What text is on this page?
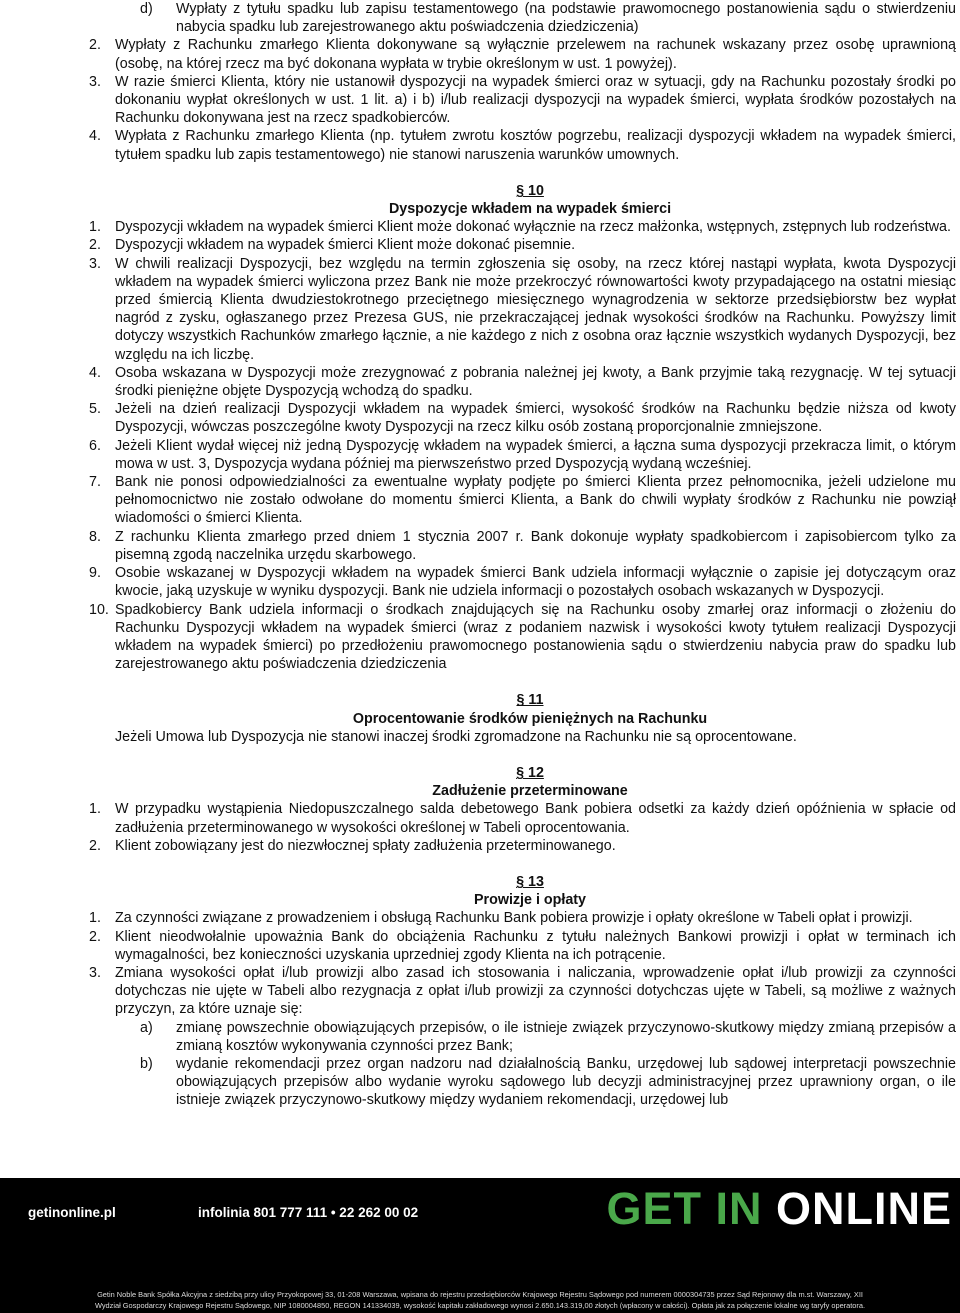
d) Wypłaty z tytułu spadku lub zapisu testamentowego (na podstawie prawomocnego postanowienia sądu o stwierdzeniu nabycia spadku lub zarejestrowanego aktu poświadczenia dziedziczenia)
2. Wypłaty z Rachunku zmarłego Klienta dokonywane są wyłącznie przelewem na rachunek wskazany przez osobę uprawnioną (osobę, na której rzecz ma być dokonana wypłata w trybie określonym w ust. 1 powyżej).
3. W razie śmierci Klienta, który nie ustanowił dyspozycji na wypadek śmierci oraz w sytuacji, gdy na Rachunku pozostały środki po dokonaniu wypłat określonych w ust. 1 lit. a) i b) i/lub realizacji dyspozycji na wypadek śmierci, wypłata środków pozostałych na Rachunku dokonywana jest na rzecz spadkobierców.
4. Wypłata z Rachunku zmarłego Klienta (np. tytułem zwrotu kosztów pogrzebu, realizacji dyspozycji wkładem na wypadek śmierci, tytułem spadku lub zapis testamentowego) nie stanowi naruszenia warunków umownych.
§ 10
Dyspozycje wkładem na wypadek śmierci
1. Dyspozycji wkładem na wypadek śmierci Klient może dokonać wyłącznie na rzecz małżonka, wstępnych, zstępnych lub rodzeństwa.
2. Dyspozycji wkładem na wypadek śmierci Klient może dokonać pisemnie.
3. W chwili realizacji Dyspozycji, bez względu na termin zgłoszenia się osoby, na rzecz której nastąpi wypłata, kwota Dyspozycji wkładem na wypadek śmierci wyliczona przez Bank nie może przekroczyć równowartości kwoty przypadającego na ostatni miesiąc przed śmiercią Klienta dwudziestokrotnego przeciętnego miesięcznego wynagrodzenia w sektorze przedsiębiorstw bez wypłat nagród z zysku, ogłaszanego przez Prezesa GUS, nie przekraczającej jednak wysokości środków na Rachunku. Powyższy limit dotyczy wszystkich Rachunków zmarłego łącznie, a nie każdego z nich z osobna oraz łącznie wszystkich wydanych Dyspozycji, bez względu na ich liczbę.
4. Osoba wskazana w Dyspozycji może zrezygnować z pobrania należnej jej kwoty, a Bank przyjmie taką rezygnację. W tej sytuacji środki pieniężne objęte Dyspozycją wchodzą do spadku.
5. Jeżeli na dzień realizacji Dyspozycji wkładem na wypadek śmierci, wysokość środków na Rachunku będzie niższa od kwoty Dyspozycji, wówczas poszczególne kwoty Dyspozycji na rzecz kilku osób zostaną proporcjonalnie zmniejszone.
6. Jeżeli Klient wydał więcej niż jedną Dyspozycję wkładem na wypadek śmierci, a łączna suma dyspozycji przekracza limit, o którym mowa w ust. 3, Dyspozycja wydana później ma pierwszeństwo przed Dyspozycją wydaną wcześniej.
7. Bank nie ponosi odpowiedzialności za ewentualne wypłaty podjęte po śmierci Klienta przez pełnomocnika, jeżeli udzielone mu pełnomocnictwo nie zostało odwołane do momentu śmierci Klienta, a Bank do chwili wypłaty środków z Rachunku nie powziął wiadomości o śmierci Klienta.
8. Z rachunku Klienta zmarłego przed dniem 1 stycznia 2007 r. Bank dokonuje wypłaty spadkobiercom i zapisobiercom tylko za pisemną zgodą naczelnika urzędu skarbowego.
9. Osobie wskazanej w Dyspozycji wkładem na wypadek śmierci Bank udziela informacji wyłącznie o zapisie jej dotyczącym oraz kwocie, jaką uzyskuje w wyniku dyspozycji. Bank nie udziela informacji o pozostałych osobach wskazanych w Dyspozycji.
10. Spadkobiercy Bank udziela informacji o środkach znajdujących się na Rachunku osoby zmarłej oraz informacji o złożeniu do Rachunku Dyspozycji wkładem na wypadek śmierci (wraz z podaniem nazwisk i wysokości kwoty tytułem realizacji Dyspozycji wkładem na wypadek śmierci) po przedłożeniu prawomocnego postanowienia sądu o stwierdzeniu nabycia praw do spadku lub zarejestrowanego aktu poświadczenia dziedziczenia
§ 11
Oprocentowanie środków pieniężnych na Rachunku
Jeżeli Umowa lub Dyspozycja nie stanowi inaczej środki zgromadzone na Rachunku nie są oprocentowane.
§ 12
Zadłużenie przeterminowane
1. W przypadku wystąpienia Niedopuszczalnego salda debetowego Bank pobiera odsetki za każdy dzień opóźnienia w spłacie od zadłużenia przeterminowanego w wysokości określonej w Tabeli oprocentowania.
2. Klient zobowiązany jest do niezwłocznej spłaty zadłużenia przeterminowanego.
§ 13
Prowizje i opłaty
1. Za czynności związane z prowadzeniem i obsługą Rachunku Bank pobiera prowizje i opłaty określone w Tabeli opłat i prowizji.
2. Klient nieodwołalnie upoważnia Bank do obciążenia Rachunku z tytułu należnych Bankowi prowizji i opłat w terminach ich wymagalności, bez konieczności uzyskania uprzedniej zgody Klienta na ich potrącenie.
3. Zmiana wysokości opłat i/lub prowizji albo zasad ich stosowania i naliczania, wprowadzenie opłat i/lub prowizji za czynności dotychczas nie ujęte w Tabeli albo rezygnacja z opłat i/lub prowizji za czynności dotychczas ujęte w Tabeli, są możliwe z ważnych przyczyn, za które uznaje się:
a) zmianę powszechnie obowiązujących przepisów, o ile istnieje związek przyczynowo-skutkowy między zmianą przepisów a zmianą kosztów wykonywania czynności przez Bank;
b) wydanie rekomendacji przez organ nadzoru nad działalnością Banku, urzędowej lub sądowej interpretacji powszechnie obowiązujących przepisów albo wydanie wyroku sądowego lub decyzji administracyjnej przez uprawniony organ, o ile istnieje związek przyczynowo-skutkowy między wydaniem rekomendacji, urzędowej lub
getinonline.pl	infolinia 801 777 111 • 22 262 00 02	GET IN ONLINE
Getin Noble Bank Spółka Akcyjna z siedzibą przy ulicy Przyokopowej 33, 01-208 Warszawa, wpisana do rejestru przedsiębiorców Krajowego Rejestru Sądowego pod numerem 0000304735 przez Sąd Rejonowy dla m.st. Warszawy, XII
Wydział Gospodarczy Krajowego Rejestru Sądowego, NIP 1080004850, REGON 141334039, wysokość kapitału zakładowego wynosi 2.650.143.319,00 złotych (wpłacony w całości). Opłata jak za połączenie lokalne wg taryfy operatora.
